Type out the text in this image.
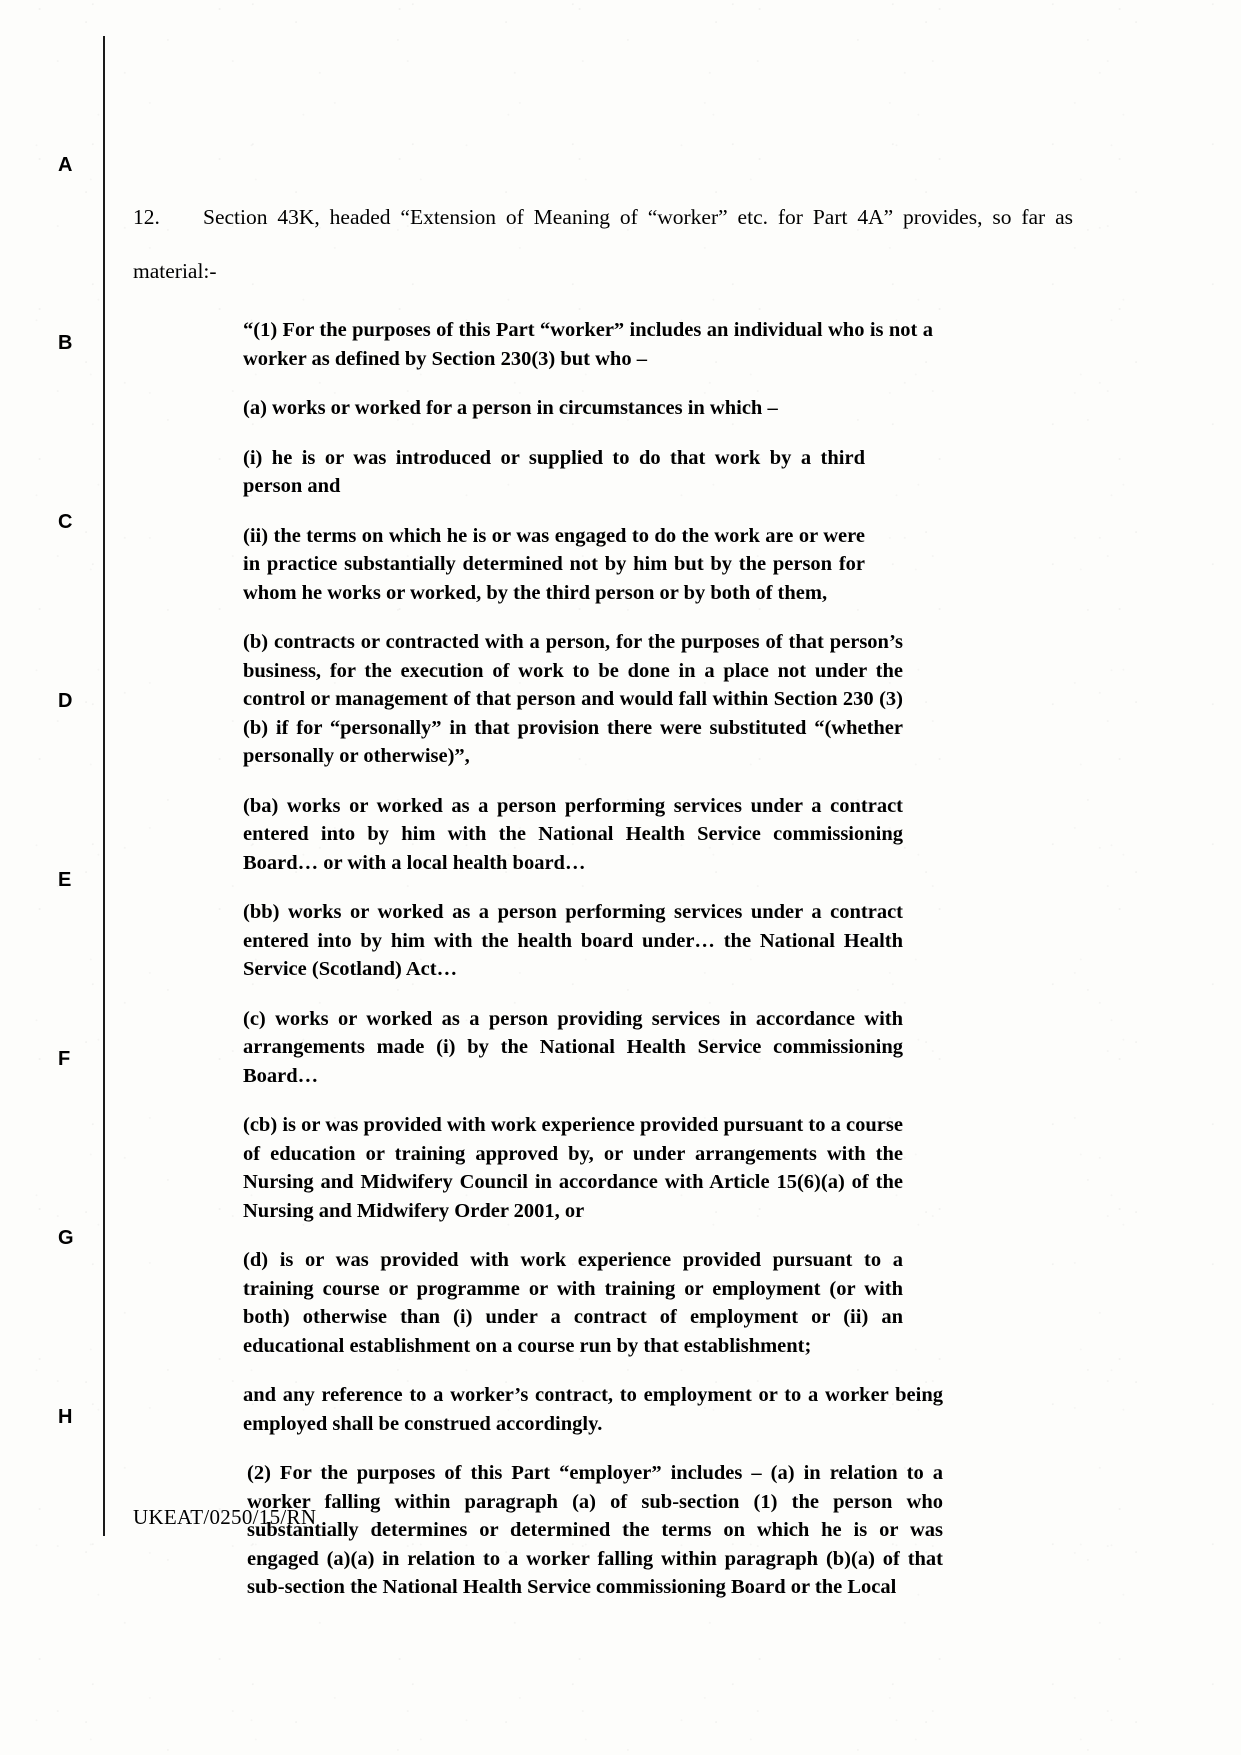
A
B
C
D
E
F
G
H
12. Section 43K, headed “Extension of Meaning of “worker” etc. for Part 4A” provides, so far as material:-

“(1) For the purposes of this Part “worker” includes an individual who is not a worker as defined by Section 230(3) but who –

(a) works or worked for a person in circumstances in which –

(i) he is or was introduced or supplied to do that work by a third person and

(ii) the terms on which he is or was engaged to do the work are or were in practice substantially determined not by him but by the person for whom he works or worked, by the third person or by both of them,

(b) contracts or contracted with a person, for the purposes of that person’s business, for the execution of work to be done in a place not under the control or management of that person and would fall within Section 230 (3) (b) if for “personally” in that provision there were substituted “(whether personally or otherwise)”,

(ba) works or worked as a person performing services under a contract entered into by him with the National Health Service commissioning Board… or with a local health board…

(bb) works or worked as a person performing services under a contract entered into by him with the health board under… the National Health Service (Scotland) Act…

(c) works or worked as a person providing services in accordance with arrangements made (i) by the National Health Service commissioning Board…

(cb) is or was provided with work experience provided pursuant to a course of education or training approved by, or under arrangements with the Nursing and Midwifery Council in accordance with Article 15(6)(a) of the Nursing and Midwifery Order 2001, or

(d) is or was provided with work experience provided pursuant to a training course or programme or with training or employment (or with both) otherwise than (i) under a contract of employment or (ii) an educational establishment on a course run by that establishment;

and any reference to a worker’s contract, to employment or to a worker being employed shall be construed accordingly.

(2) For the purposes of this Part “employer” includes – (a) in relation to a worker falling within paragraph (a) of sub-section (1) the person who substantially determines or determined the terms on which he is or was engaged (a)(a) in relation to a worker falling within paragraph (b)(a) of that sub-section the National Health Service commissioning Board or the Local

UKEAT/0250/15/RN
